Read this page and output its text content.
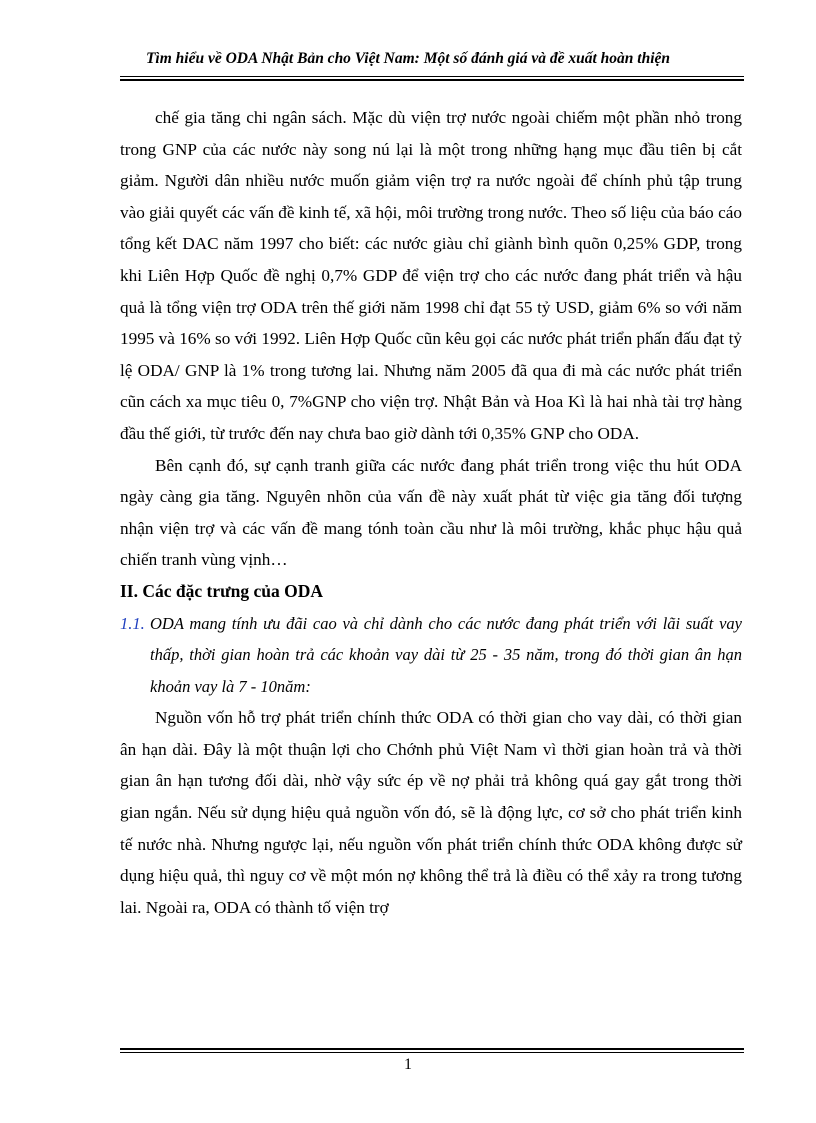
Tìm hiểu về ODA Nhật Bản cho Việt Nam: Một số đánh giá và đề xuất hoàn thiện

chế gia tăng chi ngân sách. Mặc dù viện trợ nước ngoài chiếm một phần nhỏ trong trong GNP của các nước này song nú lại là một trong những hạng mục đầu tiên bị cắt giảm. Người dân nhiều nước muốn giảm viện trợ ra nước ngoài để chính phủ tập trung vào giải quyết các vấn đề kinh tế, xã hội, môi trường trong nước. Theo số liệu của báo cáo tổng kết DAC năm 1997 cho biết: các nước giàu chỉ giành bình quõn 0,25% GDP, trong khi Liên Hợp Quốc đề nghị 0,7% GDP để viện trợ cho các nước đang phát triển và hậu quả là tổng viện trợ ODA trên thế giới năm 1998 chỉ đạt 55 tỷ USD, giảm 6% so với năm 1995 và 16% so với 1992. Liên Hợp Quốc cũn kêu gọi các nước phát triển phấn đấu đạt tỷ lệ ODA/ GNP là 1% trong tương lai. Nhưng năm 2005 đã qua đi mà các nước phát triển cũn cách xa mục tiêu 0, 7%GNP cho viện trợ. Nhật Bản và Hoa Kì là hai nhà tài trợ hàng đầu thế giới, từ trước đến nay chưa bao giờ dành tới 0,35% GNP cho ODA.

Bên cạnh đó, sự cạnh tranh giữa các nước đang phát triển trong việc thu hút ODA ngày càng gia tăng. Nguyên nhõn của vấn đề này xuất phát từ việc gia tăng đối tượng nhận viện trợ và các vấn đề mang tónh toàn cầu như là môi trường, khắc phục hậu quả chiến tranh vùng vịnh…

II. Các đặc trưng của ODA

1.1. ODA mang tính ưu đãi cao và chỉ dành cho các nước đang phát triển với lãi suất vay thấp, thời gian hoàn trả các khoản vay dài từ 25 - 35 năm, trong đó thời gian ân hạn khoản vay là 7 - 10năm:

Nguồn vốn hỗ trợ phát triển chính thức ODA có thời gian cho vay dài, có thời gian ân hạn dài. Đây là một thuận lợi cho Chớnh phủ Việt Nam vì thời gian hoàn trả và thời gian ân hạn tương đối dài, nhờ vậy sức ép về nợ phải trả không quá gay gắt trong thời gian ngắn. Nếu sử dụng hiệu quả nguồn vốn đó, sẽ là động lực, cơ sở cho phát triển kinh tế nước nhà. Nhưng ngược lại, nếu nguồn vốn phát triển chính thức ODA không được sử dụng hiệu quả, thì nguy cơ về một món nợ không thể trả là điều có thể xảy ra trong tương lai. Ngoài ra, ODA có thành tố viện trợ

1
